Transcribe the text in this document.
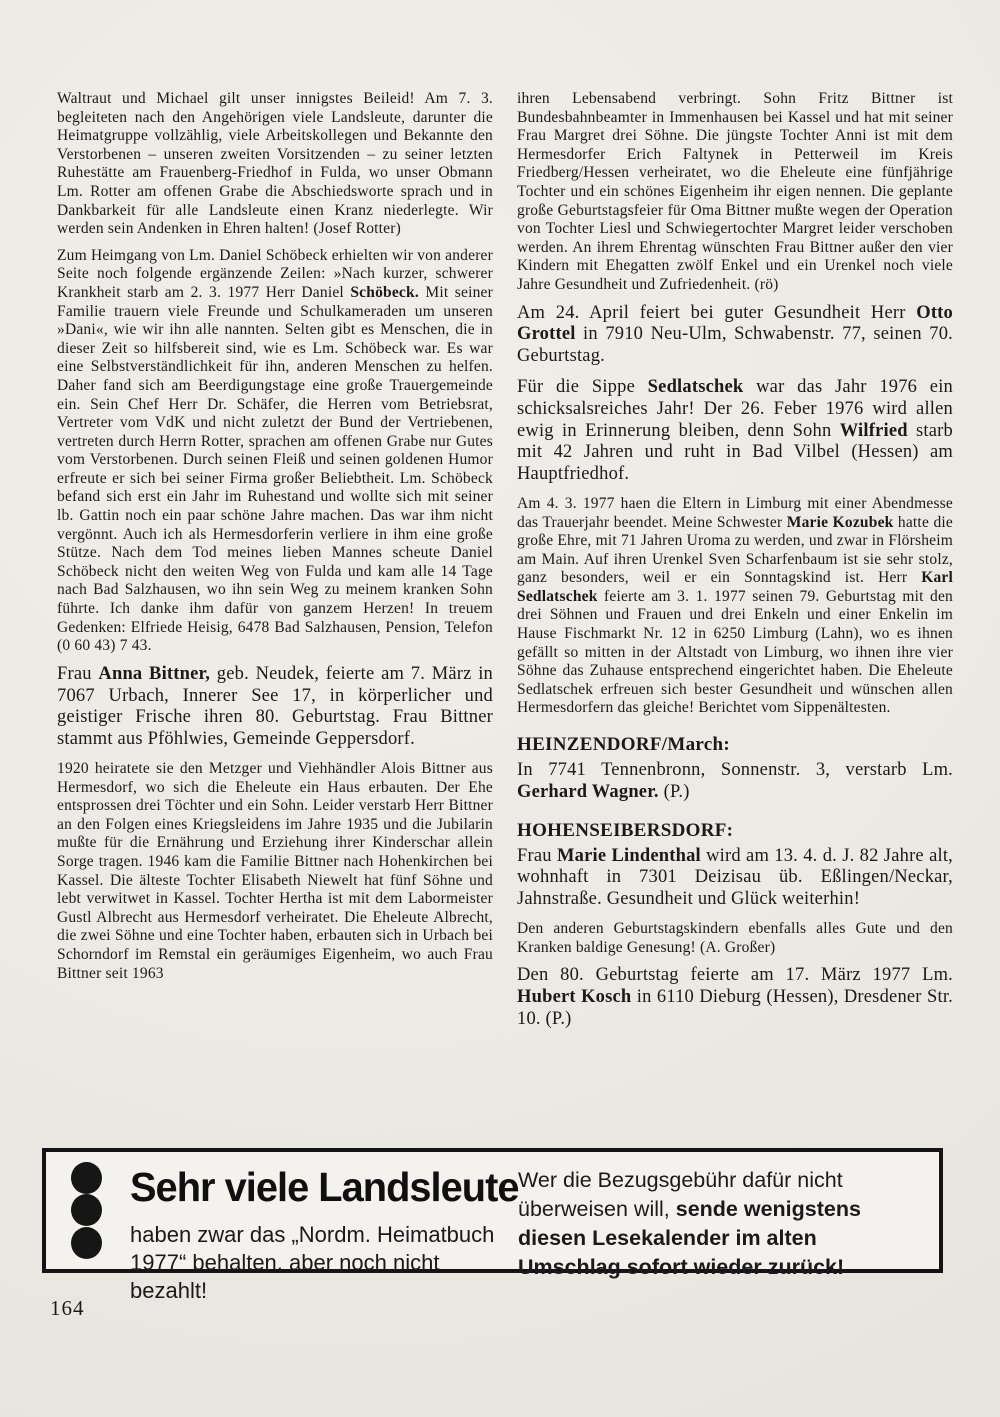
Waltraut und Michael gilt unser innigstes Beileid! Am 7. 3. begleiteten nach den Angehörigen viele Landsleute, darunter die Heimatgruppe vollzählig, viele Arbeitskollegen und Bekannte den Verstorbenen – unseren zweiten Vorsitzenden – zu seiner letzten Ruhestätte am Frauenberg-Friedhof in Fulda, wo unser Obmann Lm. Rotter am offenen Grabe die Abschiedsworte sprach und in Dankbarkeit für alle Landsleute einen Kranz niederlegte. Wir werden sein Andenken in Ehren halten! (Josef Rotter)

Zum Heimgang von Lm. Daniel Schöbeck erhielten wir von anderer Seite noch folgende ergänzende Zeilen: »Nach kurzer, schwerer Krankheit starb am 2. 3. 1977 Herr Daniel Schöbeck. Mit seiner Familie trauern viele Freunde und Schulkameraden um unseren »Dani«, wie wir ihn alle nannten. Selten gibt es Menschen, die in dieser Zeit so hilfsbereit sind, wie es Lm. Schöbeck war. Es war eine Selbstverständlichkeit für ihn, anderen Menschen zu helfen. Daher fand sich am Beerdigungstage eine große Trauergemeinde ein. Sein Chef Herr Dr. Schäfer, die Herren vom Betriebsrat, Vertreter vom VdK und nicht zuletzt der Bund der Vertriebenen, vertreten durch Herrn Rotter, sprachen am offenen Grabe nur Gutes vom Verstorbenen. Durch seinen Fleiß und seinen goldenen Humor erfreute er sich bei seiner Firma großer Beliebtheit. Lm. Schöbeck befand sich erst ein Jahr im Ruhestand und wollte sich mit seiner lb. Gattin noch ein paar schöne Jahre machen. Das war ihm nicht vergönnt. Auch ich als Hermesdorferin verliere in ihm eine große Stütze. Nach dem Tod meines lieben Mannes scheute Daniel Schöbeck nicht den weiten Weg von Fulda und kam alle 14 Tage nach Bad Salzhausen, wo ihn sein Weg zu meinem kranken Sohn führte. Ich danke ihm dafür von ganzem Herzen! In treuem Gedenken: Elfriede Heisig, 6478 Bad Salzhausen, Pension, Telefon (0 60 43) 7 43.

Frau Anna Bittner, geb. Neudek, feierte am 7. März in 7067 Urbach, Innerer See 17, in körperlicher und geistiger Frische ihren 80. Geburtstag. Frau Bittner stammt aus Pföhlwies, Gemeinde Geppersdorf.

1920 heiratete sie den Metzger und Viehhändler Alois Bittner aus Hermesdorf, wo sich die Eheleute ein Haus erbauten. Der Ehe entsprossen drei Töchter und ein Sohn. Leider verstarb Herr Bittner an den Folgen eines Kriegsleidens im Jahre 1935 und die Jubilarin mußte für die Ernährung und Erziehung ihrer Kinderschar allein Sorge tragen. 1946 kam die Familie Bittner nach Hohenkirchen bei Kassel. Die älteste Tochter Elisabeth Niewelt hat fünf Söhne und lebt verwitwet in Kassel. Tochter Hertha ist mit dem Labormeister Gustl Albrecht aus Hermesdorf verheiratet. Die Eheleute Albrecht, die zwei Söhne und eine Tochter haben, erbauten sich in Urbach bei Schorndorf im Remstal ein geräumiges Eigenheim, wo auch Frau Bittner seit 1963

ihren Lebensabend verbringt. Sohn Fritz Bittner ist Bundesbahnbeamter in Immenhausen bei Kassel und hat mit seiner Frau Margret drei Söhne. Die jüngste Tochter Anni ist mit dem Hermesdorfer Erich Faltynek in Petterweil im Kreis Friedberg/Hessen verheiratet, wo die Eheleute eine fünfjährige Tochter und ein schönes Eigenheim ihr eigen nennen. Die geplante große Geburtstagsfeier für Oma Bittner mußte wegen der Operation von Tochter Liesl und Schwiegertochter Margret leider verschoben werden. An ihrem Ehrentag wünschten Frau Bittner außer den vier Kindern mit Ehegatten zwölf Enkel und ein Urenkel noch viele Jahre Gesundheit und Zufriedenheit. (rö)

Am 24. April feiert bei guter Gesundheit Herr Otto Grottel in 7910 Neu-Ulm, Schwabenstr. 77, seinen 70. Geburtstag.

Für die Sippe Sedlatschek war das Jahr 1976 ein schicksalsreiches Jahr! Der 26. Feber 1976 wird allen ewig in Erinnerung bleiben, denn Sohn Wilfried starb mit 42 Jahren und ruht in Bad Vilbel (Hessen) am Hauptfriedhof.

Am 4. 3. 1977 haen die Eltern in Limburg mit einer Abendmesse das Trauerjahr beendet. Meine Schwester Marie Kozubek hatte die große Ehre, mit 71 Jahren Uroma zu werden, und zwar in Flörsheim am Main. Auf ihren Urenkel Sven Scharfenbaum ist sie sehr stolz, ganz besonders, weil er ein Sonntagskind ist. Herr Karl Sedlatschek feierte am 3. 1. 1977 seinen 79. Geburtstag mit den drei Söhnen und Frauen und drei Enkeln und einer Enkelin im Hause Fischmarkt Nr. 12 in 6250 Limburg (Lahn), wo es ihnen gefällt so mitten in der Altstadt von Limburg, wo ihnen ihre vier Söhne das Zuhause entsprechend eingerichtet haben. Die Eheleute Sedlatschek erfreuen sich bester Gesundheit und wünschen allen Hermesdorfern das gleiche! Berichtet vom Sippenältesten.

HEINZENDORF/March:

In 7741 Tennenbronn, Sonnenstr. 3, verstarb Lm. Gerhard Wagner. (P.)

HOHENSEIBERSDORF:

Frau Marie Lindenthal wird am 13. 4. d. J. 82 Jahre alt, wohnhaft in 7301 Deizisau üb. Eßlingen/Neckar, Jahnstraße. Gesundheit und Glück weiterhin!

Den anderen Geburtstagskindern ebenfalls alles Gute und den Kranken baldige Genesung! (A. Großer)

Den 80. Geburtstag feierte am 17. März 1977 Lm. Hubert Kosch in 6110 Dieburg (Hessen), Dresdener Str. 10. (P.)

Sehr viele Landsleute
haben zwar das „Nordm. Heimatbuch 1977“ behalten, aber noch nicht bezahlt!
Wer die Bezugsgebühr dafür nicht überweisen will, sende wenigstens diesen Lesekalender im alten Umschlag sofort wieder zurück!
164
